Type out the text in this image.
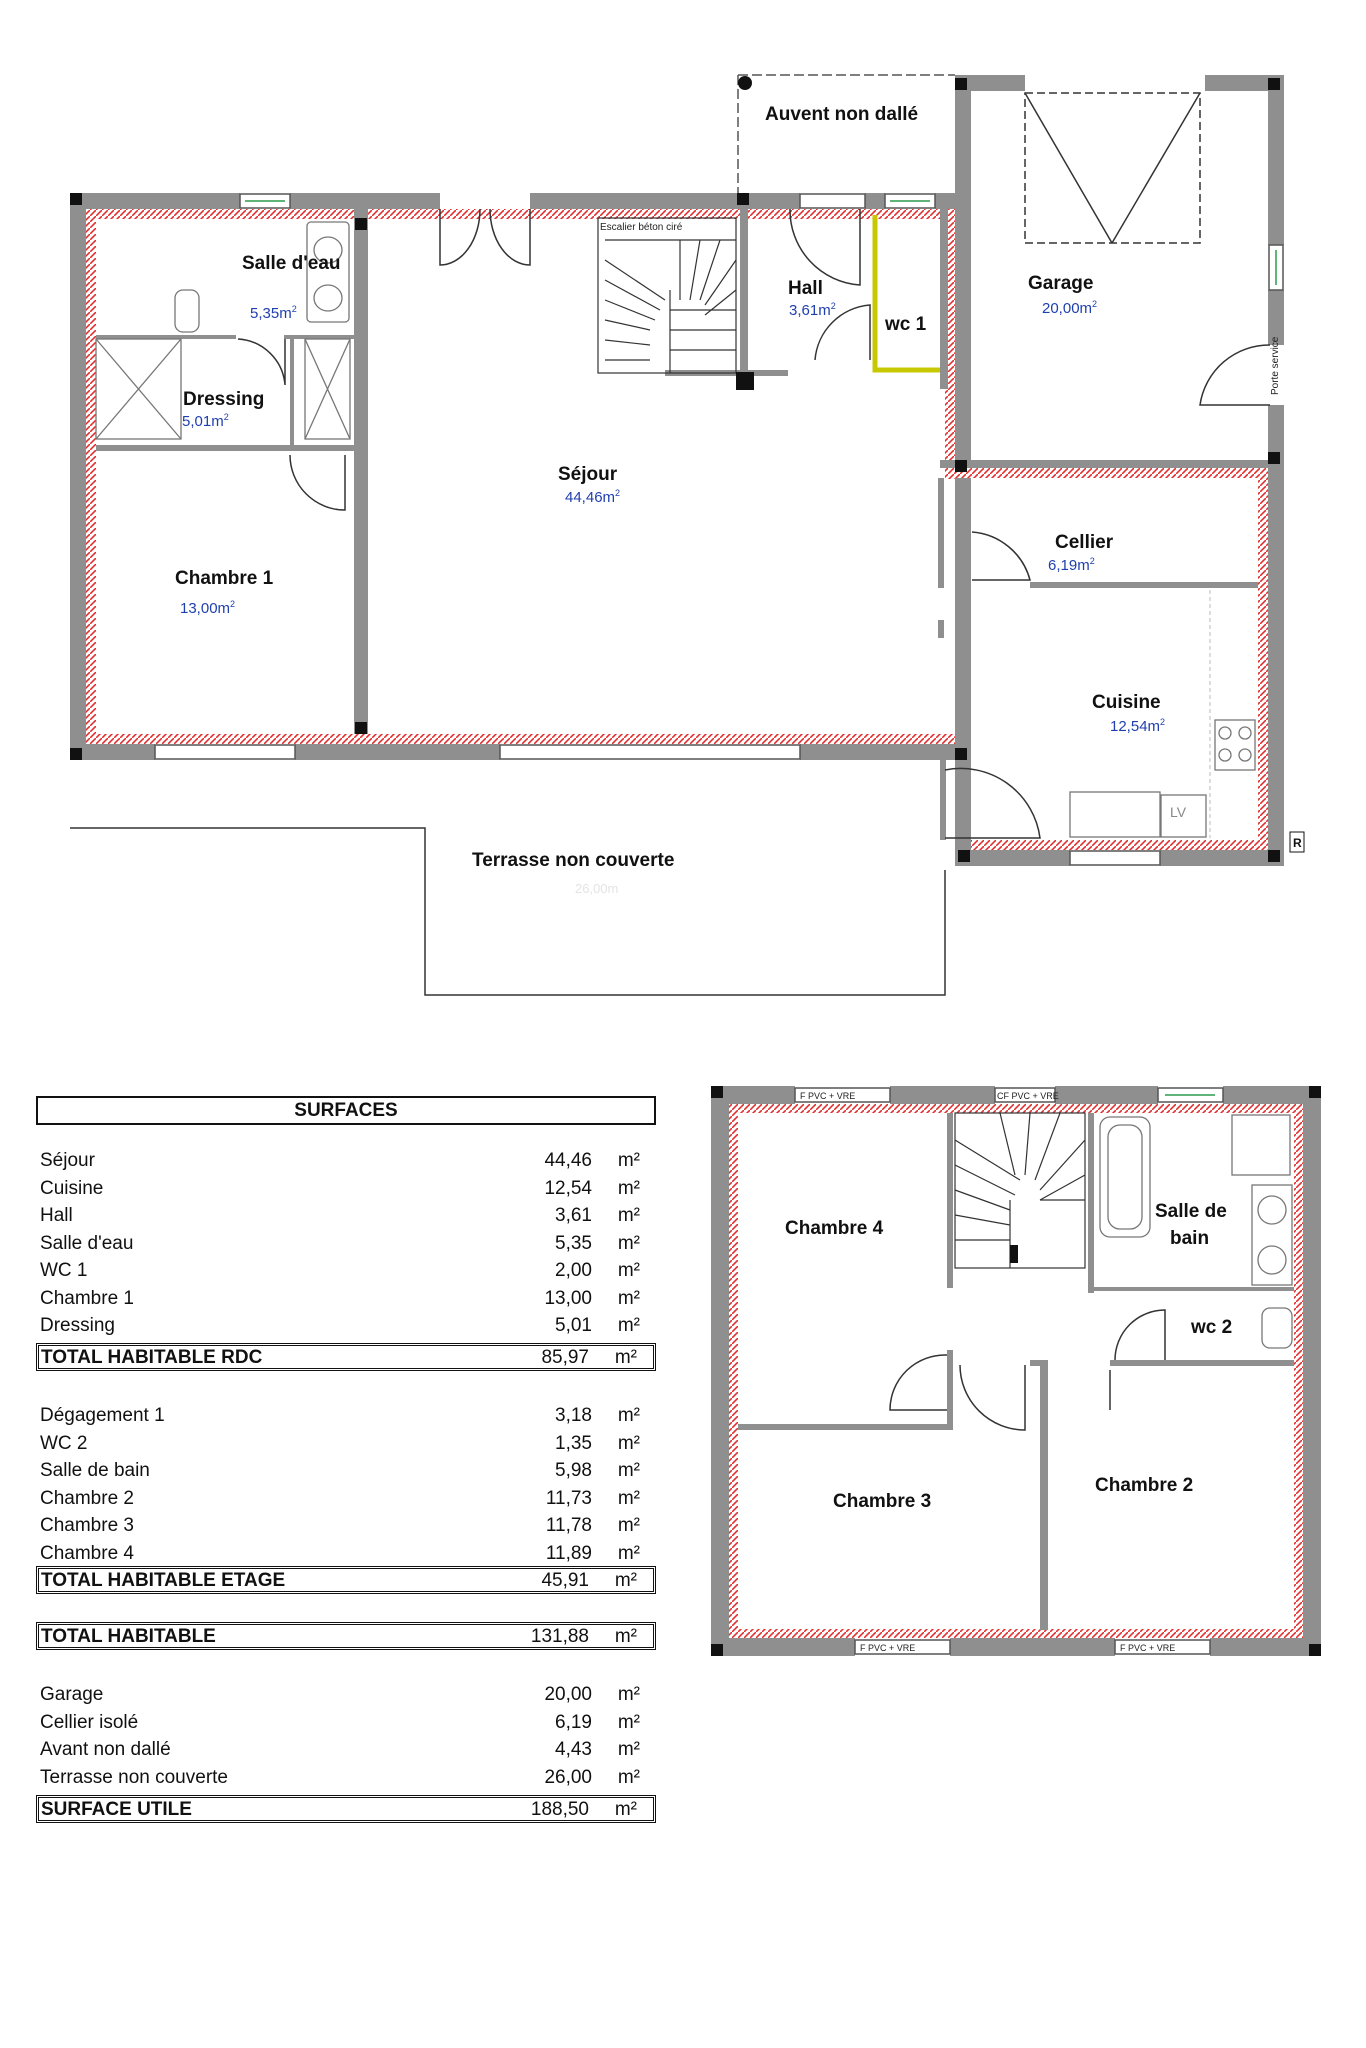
Auvent non dallé
Salle d'eau
$5,35m^2$
Dressing
$5,01m^2$
Chambre 1
$13,00m^2$
Séjour
$44,46m^2$
Hall
$3,61m^2$
wc 1
Garage
$20,00m^2$
Cellier
$6,19m^2$
Cuisine
$12,54m^2$
Terrasse non couverte
26,00m
Escalier béton ciré
Porte service
LV
R
F PVC + VRE	CF PVC + VRE
F PVC + VRE	F PVC + VRE
Chambre 4
Salle de
bain
wc 2
Chambre 3
Chambre 2
SURFACES
Séjour	44,46 m²
Cuisine	12,54 m²
Hall	3,61 m²
Salle d'eau	5,35 m²
WC 1	2,00 m²
Chambre 1	13,00 m²
Dressing	5,01 m²
TOTAL HABITABLE RDC	85,97 m²
Dégagement 1	3,18 m²
WC 2	1,35 m²
Salle de bain	5,98 m²
Chambre 2	11,73 m²
Chambre 3	11,78 m²
Chambre 4	11,89 m²
TOTAL HABITABLE ETAGE	45,91 m²
TOTAL HABITABLE	131,88 m²
Garage	20,00 m²
Cellier isolé	6,19 m²
Avant non dallé	4,43 m²
Terrasse non couverte	26,00 m²
SURFACE UTILE	188,50 m²
